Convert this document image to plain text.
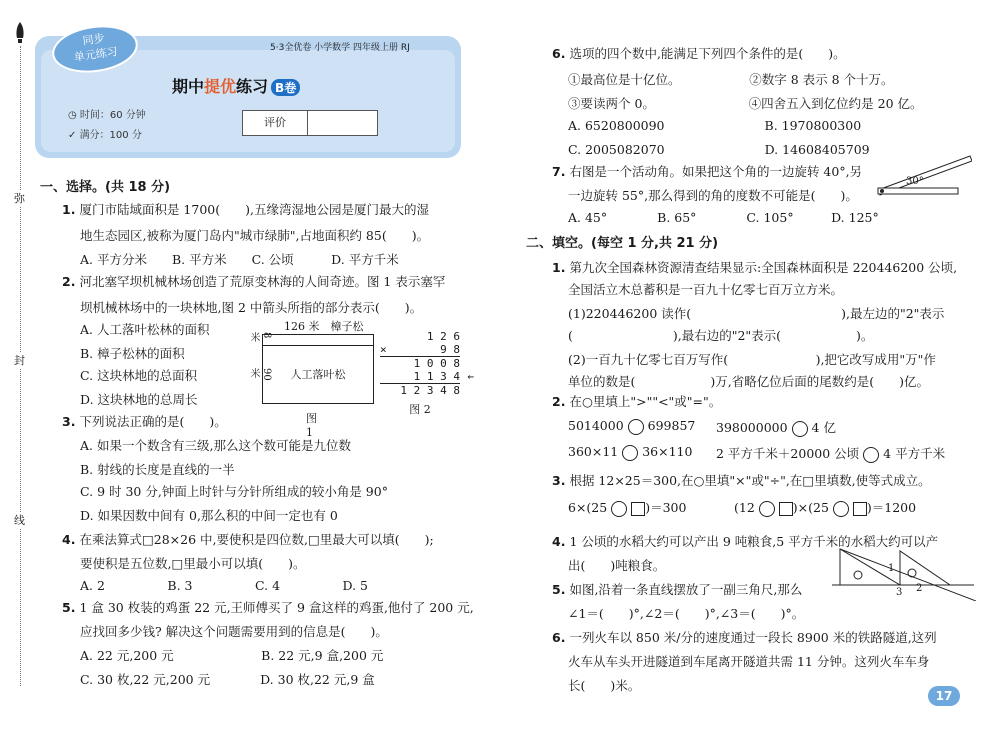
弥
封
线
同步
单元练习	5·3全优卷 小学数学 四年级上册 RJ
期中提优练习 B卷
◷ 时间：60 分钟
✓ 满分：100 分
评价
一、选择。(共 18 分)
1. 厦门市陆域面积是 1700(　　),五缘湾湿地公园是厦门最大的湿
地生态园区,被称为厦门岛内"城市绿肺",占地面积约 85(　　)。
A. 平方分米　　B. 平方米　　C. 公顷　　　D. 平方千米
2. 河北塞罕坝机械林场创造了荒原变林海的人间奇迹。图 1 表示塞罕
坝机械林场中的一块林地,图 2 中箭头所指的部分表示(　　)。
A. 人工落叶松林的面积
B. 樟子松林的面积
C. 这块林地的总面积
D. 这块林地的总周长
3. 下列说法正确的是(　　)。
A. 如果一个数含有三级,那么这个数可能是九位数
B. 射线的长度是直线的一半
C. 9 时 30 分,钟面上时针与分针所组成的较小角是 90°
D. 如果因数中间有 0,那么积的中间一定也有 0
4. 在乘法算式□28×26 中,要使积是四位数,□里最大可以填(　　);
要使积是五位数,□里最小可以填(　　)。
A. 2　　　　　B. 3　　　　　C. 4　　　　　D. 5
5. 1 盒 30 枚装的鸡蛋 22 元,王师傅买了 9 盒这样的鸡蛋,他付了 200 元,
应找回多少钱? 解决这个问题需要用到的信息是(　　)。
A. 22 元,200 元　　　　　　　B. 22 元,9 盒,200 元
C. 30 枚,22 元,200 元　　　　D. 30 枚,22 元,9 盒
126 米　樟子松
8 米
90 米	人工落叶松
图 1
1 2 6
×	9 8
1 0 0 8
1 1 3 4 ←
1 2 3 4 8
图 2
6. 选项的四个数中,能满足下列四个条件的是(　　)。
①最高位是十亿位。　　　　　　②数字 8 表示 8 个十万。
③要读两个 0。　　　　　　　　④四舍五入到亿位约是 20 亿。
A. 6520800090　　　　　　　　B. 1970800300
C. 2005082070　　　　　　　　D. 14608405709
7. 右图是一个活动角。如果把这个角的一边旋转 40°,另
一边旋转 55°,那么得到的角的度数不可能是(　　)。
A. 45°　　　　B. 65°　　　　C. 105°　　　D. 125°
30°
二、填空。(每空 1 分,共 21 分)
1. 第九次全国森林资源清查结果显示:全国森林面积是 220446200 公顷,
全国活立木总蓄积是一百九十亿零七百万立方米。
(1)220446200 读作(　　　　　　　　　　　　),最左边的"2"表示
(　　　　　　　　),最右边的"2"表示(　　　　　　)。
(2)一百九十亿零七百万写作(　　　　　　　),把它改写成用"万"作
单位的数是(　　　　　　)万,省略亿位后面的尾数约是(　　)亿。
2. 在○里填上">""<"或"="。
5014000 699857 398000000 4 亿
360×11 36×110 2 平方千米＋20000 公顷 4 平方千米
3. 根据 12×25＝300,在○里填"×"或"÷",在□里填数,使等式成立。
6×(25	)＝300	(12	)×(25	)＝1200
4. 1 公顷的水稻大约可以产出 9 吨粮食,5 平方千米的水稻大约可以产
出(　　)吨粮食。
5. 如图,沿着一条直线摆放了一副三角尺,那么
∠1＝(　　)°,∠2＝(　　)°,∠3＝(　　)°。
6. 一列火车以 850 米/分的速度通过一段长 8900 米的铁路隧道,这列
火车从车头开进隧道到车尾离开隧道共需 11 分钟。这列火车车身
长(　　)米。
1
2
3
17
